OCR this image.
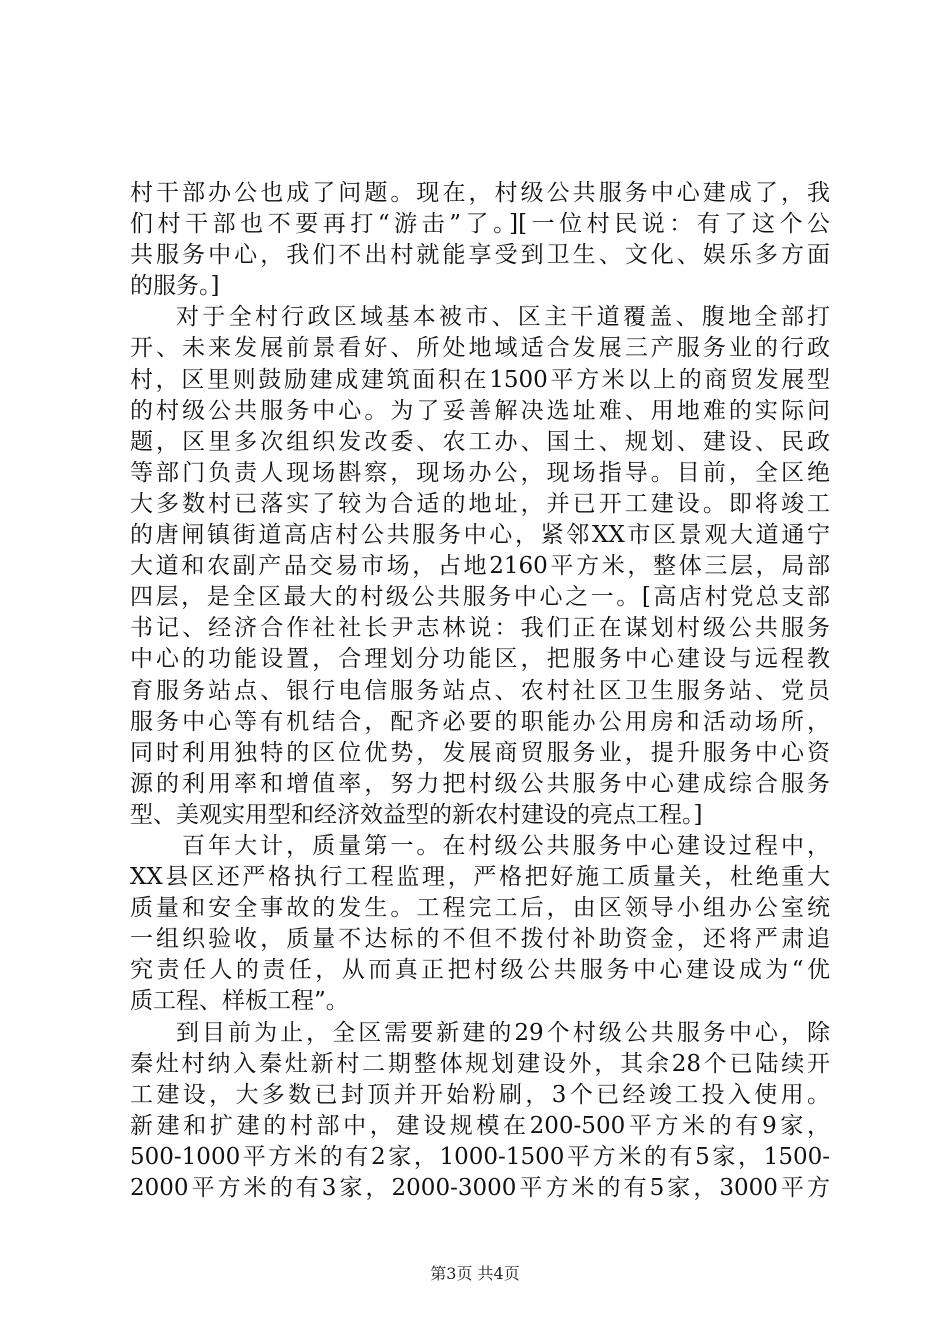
村干部办公也成了问题。现在，村级公共服务中心建成了，我
们村干部也不要再打“游击”了。][一位村民说：有了这个公
共服务中心，我们不出村就能享受到卫生、文化、娱乐多方面
的服务。]
对于全村行政区域基本被市、区主干道覆盖、腹地全部打
开、未来发展前景看好、所处地域适合发展三产服务业的行政
村，区里则鼓励建成建筑面积在1500平方米以上的商贸发展型
的村级公共服务中心。为了妥善解决选址难、用地难的实际问
题，区里多次组织发改委、农工办、国土、规划、建设、民政
等部门负责人现场斟察，现场办公，现场指导。目前，全区绝
大多数村已落实了较为合适的地址，并已开工建设。即将竣工
的唐闸镇街道高店村公共服务中心，紧邻XX市区景观大道通宁
大道和农副产品交易市场，占地2160平方米，整体三层，局部
四层，是全区最大的村级公共服务中心之一。[高店村党总支部
书记、经济合作社社长尹志林说：我们正在谋划村级公共服务
中心的功能设置，合理划分功能区，把服务中心建设与远程教
育服务站点、银行电信服务站点、农村社区卫生服务站、党员
服务中心等有机结合，配齐必要的职能办公用房和活动场所，
同时利用独特的区位优势，发展商贸服务业，提升服务中心资
源的利用率和增值率，努力把村级公共服务中心建成综合服务
型、美观实用型和经济效益型的新农村建设的亮点工程。]
百年大计，质量第一。在村级公共服务中心建设过程中，
XX县区还严格执行工程监理，严格把好施工质量关，杜绝重大
质量和安全事故的发生。工程完工后，由区领导小组办公室统
一组织验收，质量不达标的不但不拨付补助资金，还将严肃追
究责任人的责任，从而真正把村级公共服务中心建设成为“优
质工程、样板工程”。
到目前为止，全区需要新建的29个村级公共服务中心，除
秦灶村纳入秦灶新村二期整体规划建设外，其余28个已陆续开
工建设，大多数已封顶并开始粉刷，3个已经竣工投入使用。
新建和扩建的村部中，建设规模在200-500平方米的有9家，
500-1000平方米的有2家，1000-1500平方米的有5家，1500-
2000平方米的有3家，2000-3000平方米的有5家，3000平方
第3页 共4页
